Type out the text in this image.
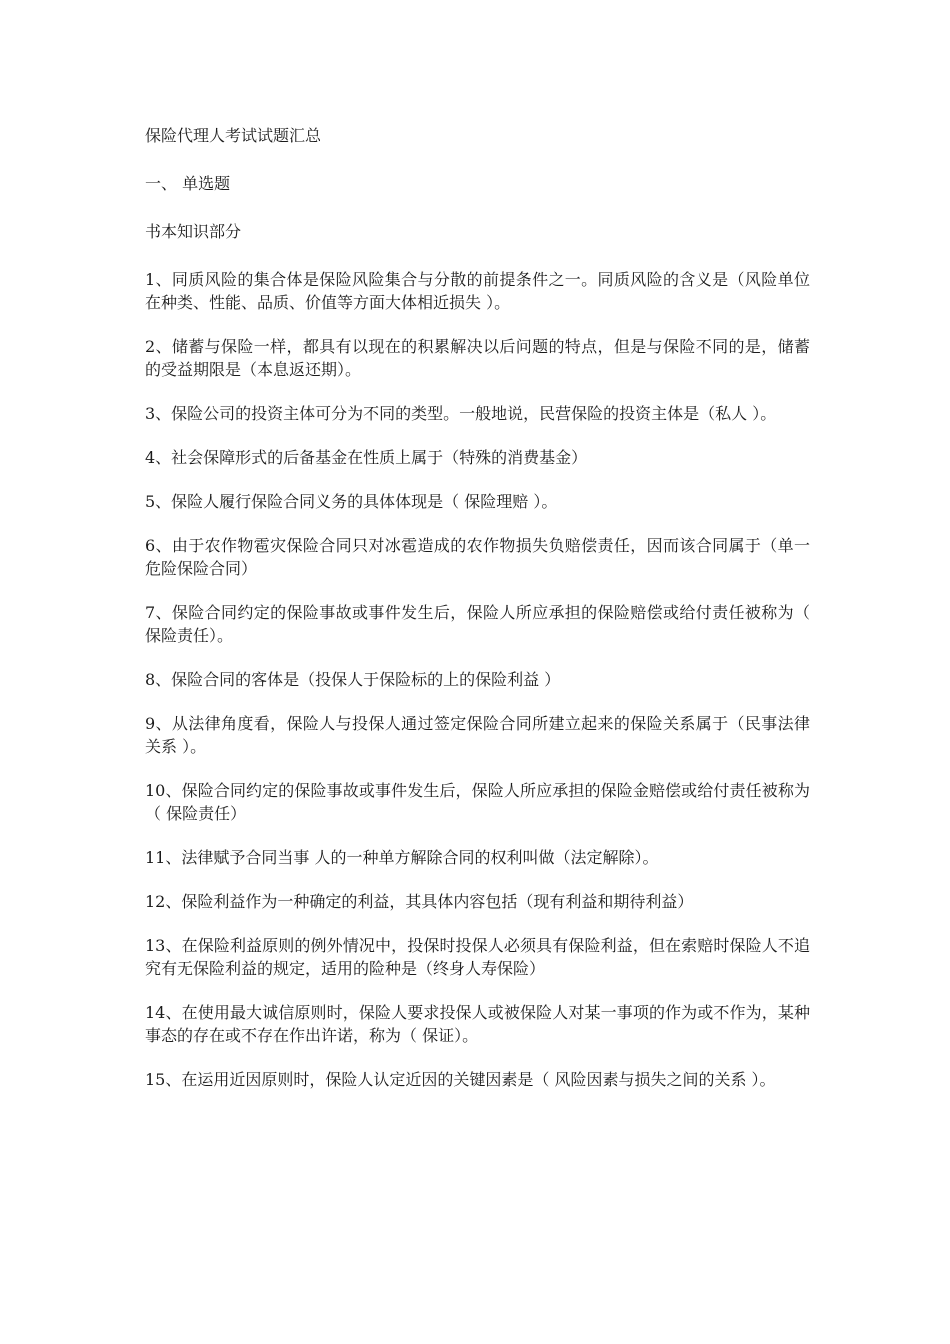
保险代理人考试试题汇总

一、 单选题

书本知识部分

1、同质风险的集合体是保险风险集合与分散的前提条件之一。同质风险的含义是（风险单位在种类、性能、品质、价值等方面大体相近损失 ）。

2、储蓄与保险一样，都具有以现在的积累解决以后问题的特点，但是与保险不同的是，储蓄的受益期限是（本息返还期）。

3、保险公司的投资主体可分为不同的类型。一般地说，民营保险的投资主体是（私人 ）。

4、社会保障形式的后备基金在性质上属于（特殊的消费基金）

5、保险人履行保险合同义务的具体体现是（ 保险理赔 ）。

6、由于农作物雹灾保险合同只对冰雹造成的农作物损失负赔偿责任，因而该合同属于（单一危险保险合同）

7、保险合同约定的保险事故或事件发生后，保险人所应承担的保险赔偿或给付责任被称为（ 保险责任）。

8、保险合同的客体是（投保人于保险标的上的保险利益 ）

9、从法律角度看，保险人与投保人通过签定保险合同所建立起来的保险关系属于（民事法律关系 ）。

10、保险合同约定的保险事故或事件发生后，保险人所应承担的保险金赔偿或给付责任被称为（ 保险责任）

11、法律赋予合同当事 人的一种单方解除合同的权利叫做（法定解除）。

12、保险利益作为一种确定的利益，其具体内容包括（现有利益和期待利益）

13、在保险利益原则的例外情况中，投保时投保人必须具有保险利益，但在索赔时保险人不追究有无保险利益的规定，适用的险种是（终身人寿保险）

14、在使用最大诚信原则时，保险人要求投保人或被保险人对某一事项的作为或不作为，某种事态的存在或不存在作出许诺，称为（ 保证）。

15、在运用近因原则时，保险人认定近因的关键因素是（ 风险因素与损失之间的关系 ）。
